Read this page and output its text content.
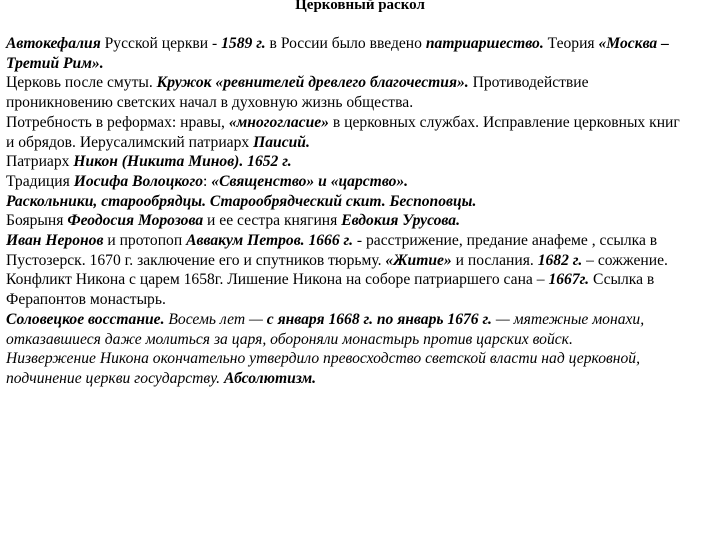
Церковный раскол
Автокефалия Русской церкви - 1589 г. в России было введено патриаршество. Теория «Москва –
Третий Рим».
Церковь после смуты. Кружок «ревнителей древлего благочестия». Противодействие
проникновению светских начал в духовную жизнь общества.
Потребность в реформах: нравы, «многогласие» в церковных службах. Исправление церковных книг
и обрядов. Иерусалимский патриарх Паисий.
Патриарх Никон (Никита Минов). 1652 г.
Традиция Иосифа Волоцкого: «Священство» и «царство».
Раскольники, старообрядцы. Старообрядческий скит. Беспоповцы.
Боярыня Феодосия Морозова и ее сестра княгиня Евдокия Урусова.
Иван Неронов и протопоп Аввакум Петров. 1666 г. - расстрижение, предание анафеме , ссылка в
Пустозерск. 1670 г. заключение его и спутников тюрьму. «Житие» и послания. 1682 г. – сожжение.
Конфликт Никона с царем 1658г. Лишение Никона на соборе патриаршего сана – 1667г. Ссылка в
Ферапонтов монастырь.
Соловецкое восстание. Восемь лет — с января 1668 г. по январь 1676 г. — мятежные монахи,
отказавшиеся даже молиться за царя, обороняли монастырь против царских войск.
Низвержение Никона окончательно утвердило превосходство светской власти над церковной,
подчинение церкви государству. Абсолютизм.
